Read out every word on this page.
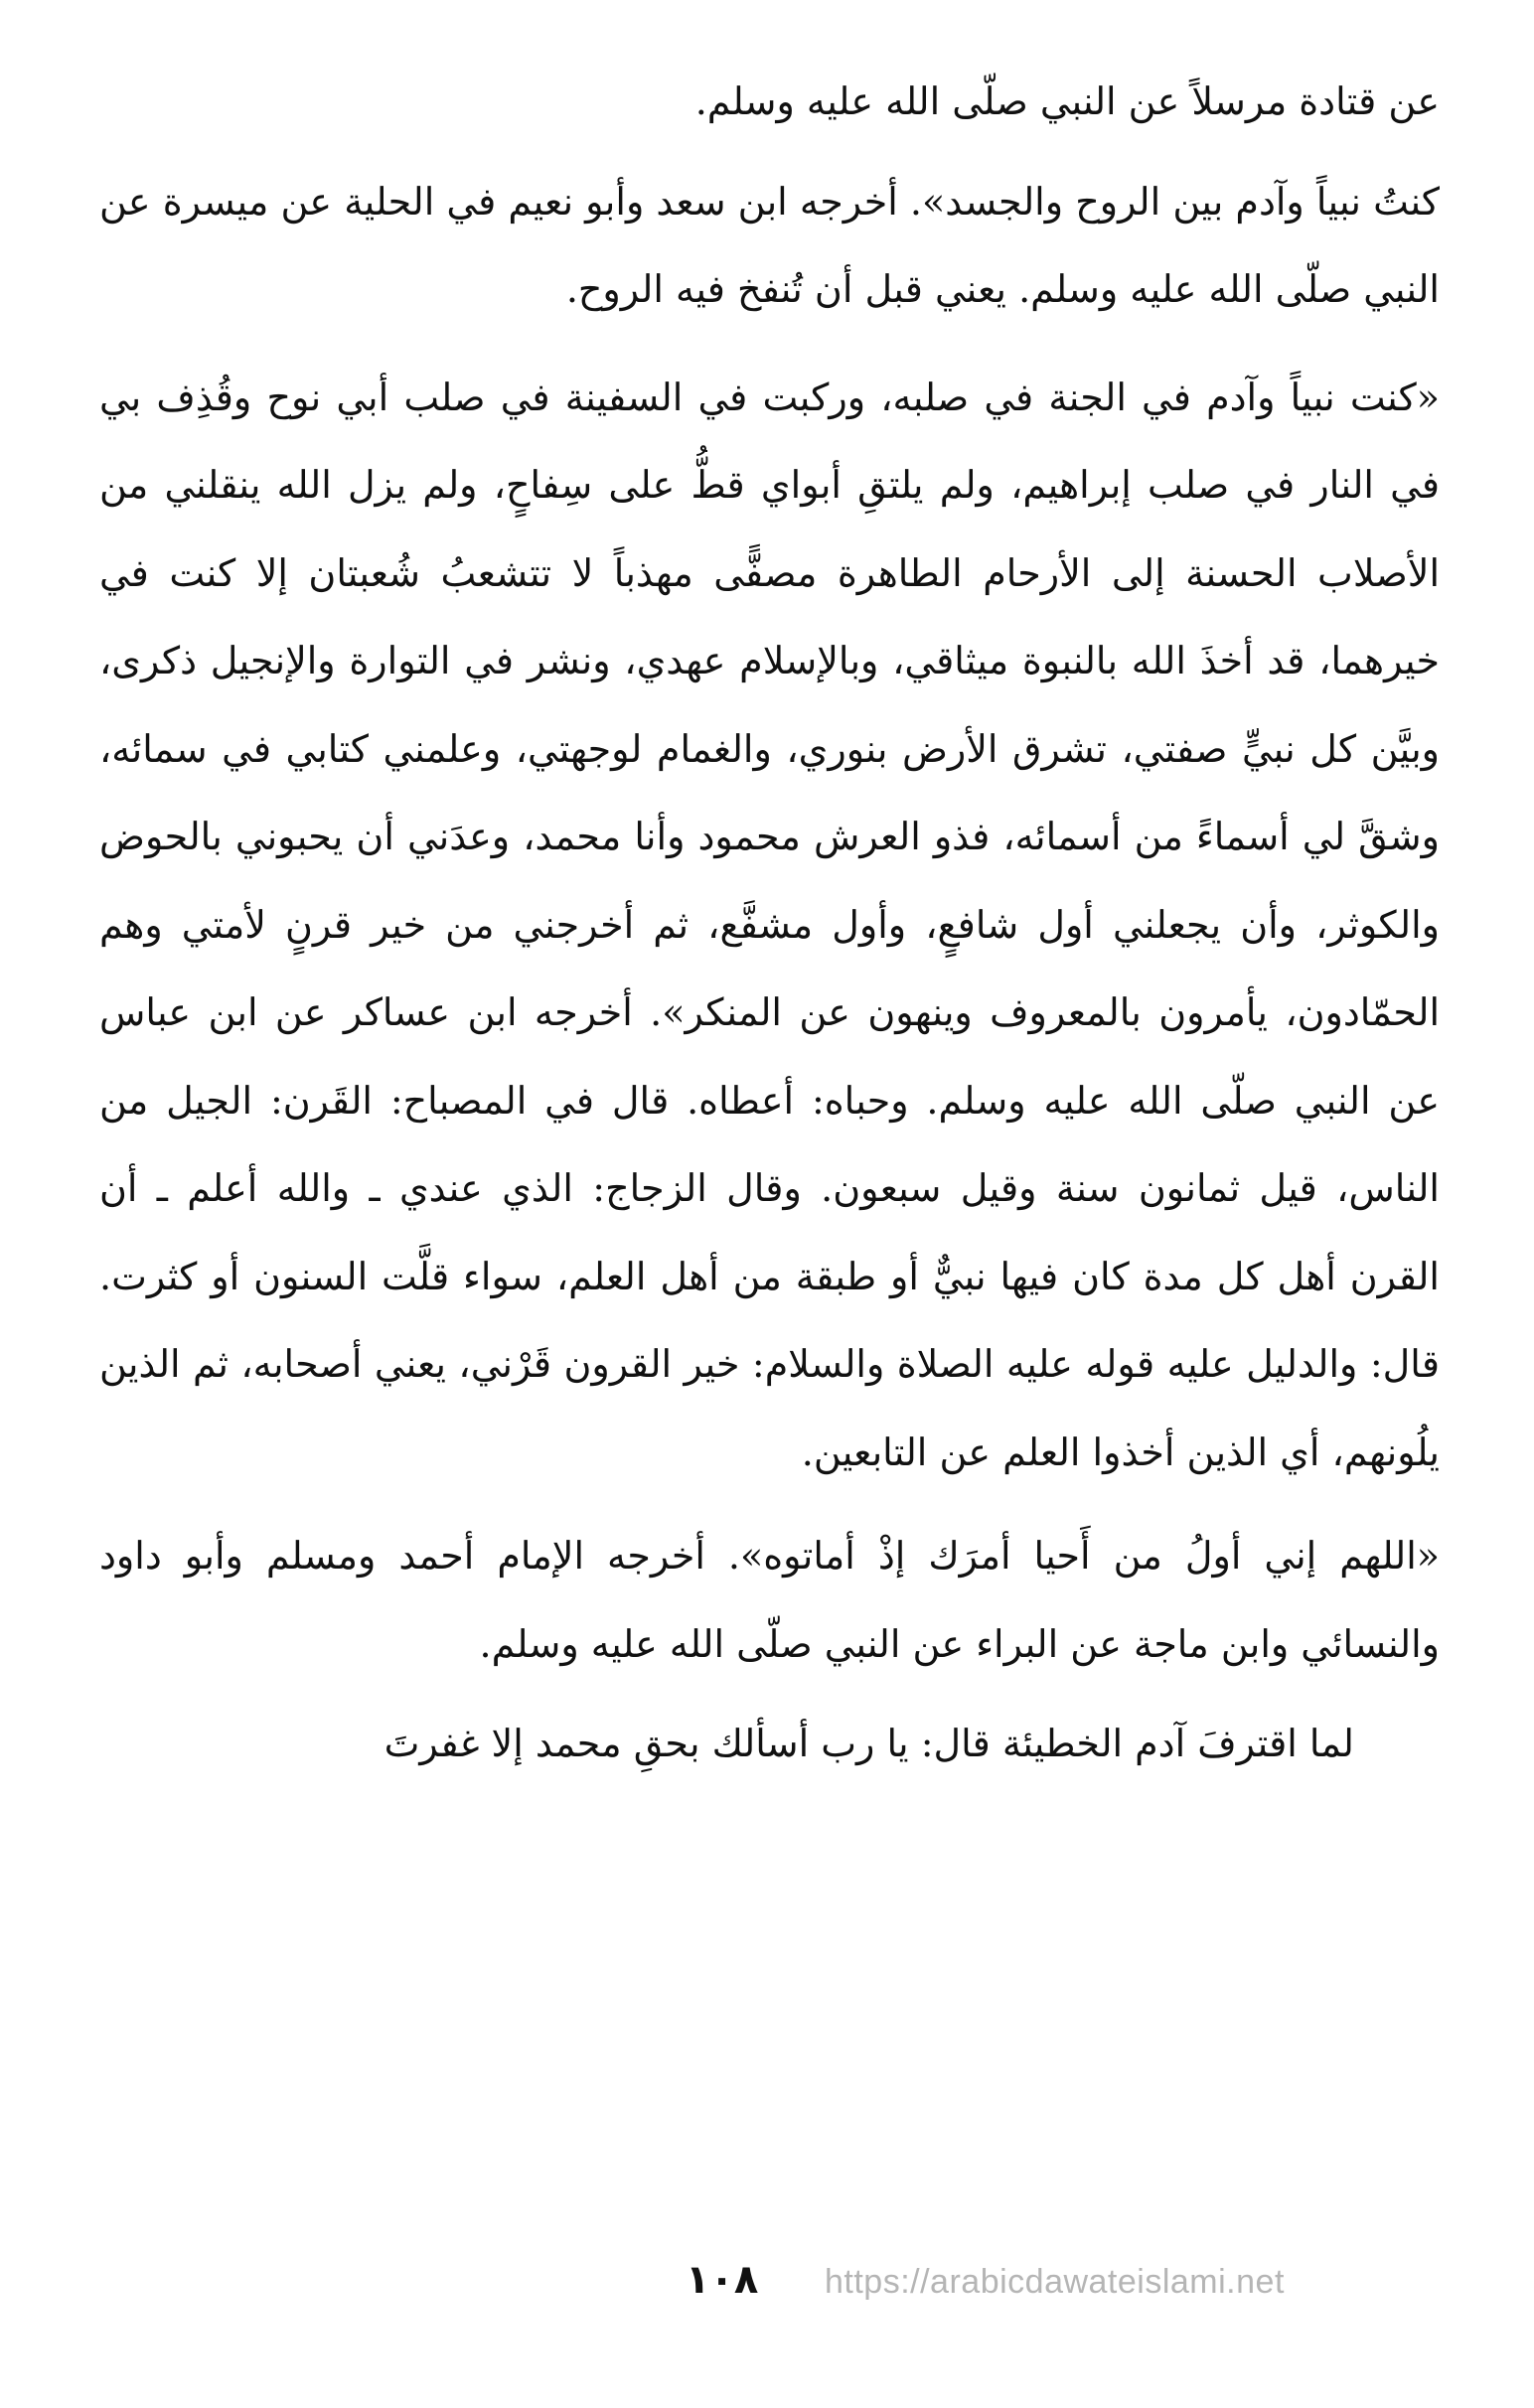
عن قتادة مرسلاً عن النبي صلّى الله عليه وسلم.

كنتُ نبياً وآدم بين الروح والجسد». أخرجه ابن سعد وأبو نعيم في الحلية عن ميسرة عن النبي صلّى الله عليه وسلم. يعني قبل أن تُنفخ فيه الروح.

«كنت نبياً وآدم في الجنة في صلبه، وركبت في السفينة في صلب أبي نوح وقُذِف بي في النار في صلب إبراهيم، ولم يلتقِ أبواي قطُّ على سِفاحٍ، ولم يزل الله ينقلني من الأصلاب الحسنة إلى الأرحام الطاهرة مصفًّى مهذباً لا تتشعبُ شُعبتان إلا كنت في خيرهما، قد أخذَ الله بالنبوة ميثاقي، وبالإسلام عهدي، ونشر في التوارة والإنجيل ذكرى، وبيَّن كل نبيٍّ صفتي، تشرق الأرض بنوري، والغمام لوجهتي، وعلمني كتابي في سمائه، وشقَّ لي أسماءً من أسمائه، فذو العرش محمود وأنا محمد، وعدَني أن يحبوني بالحوض والكوثر، وأن يجعلني أول شافعٍ، وأول مشفَّع، ثم أخرجني من خير قرنٍ لأمتي وهم الحمّادون، يأمرون بالمعروف وينهون عن المنكر». أخرجه ابن عساكر عن ابن عباس عن النبي صلّى الله عليه وسلم. وحباه: أعطاه. قال في المصباح: القَرن: الجيل من الناس، قيل ثمانون سنة وقيل سبعون. وقال الزجاج: الذي عندي ـ والله أعلم ـ أن القرن أهل كل مدة كان فيها نبيٌّ أو طبقة من أهل العلم، سواء قلَّت السنون أو كثرت. قال: والدليل عليه قوله عليه الصلاة والسلام: خير القرون قَرْني، يعني أصحابه، ثم الذين يلُونهم، أي الذين أخذوا العلم عن التابعين.

«اللهم إني أولُ من أَحيا أمرَك إذْ أماتوه». أخرجه الإمام أحمد ومسلم وأبو داود والنسائي وابن ماجة عن البراء عن النبي صلّى الله عليه وسلم.

لما اقترفَ آدم الخطيئة قال: يا رب أسألك بحقِ محمد إلا غفرتَ

١٠٨ https://arabicdawateislami.net
